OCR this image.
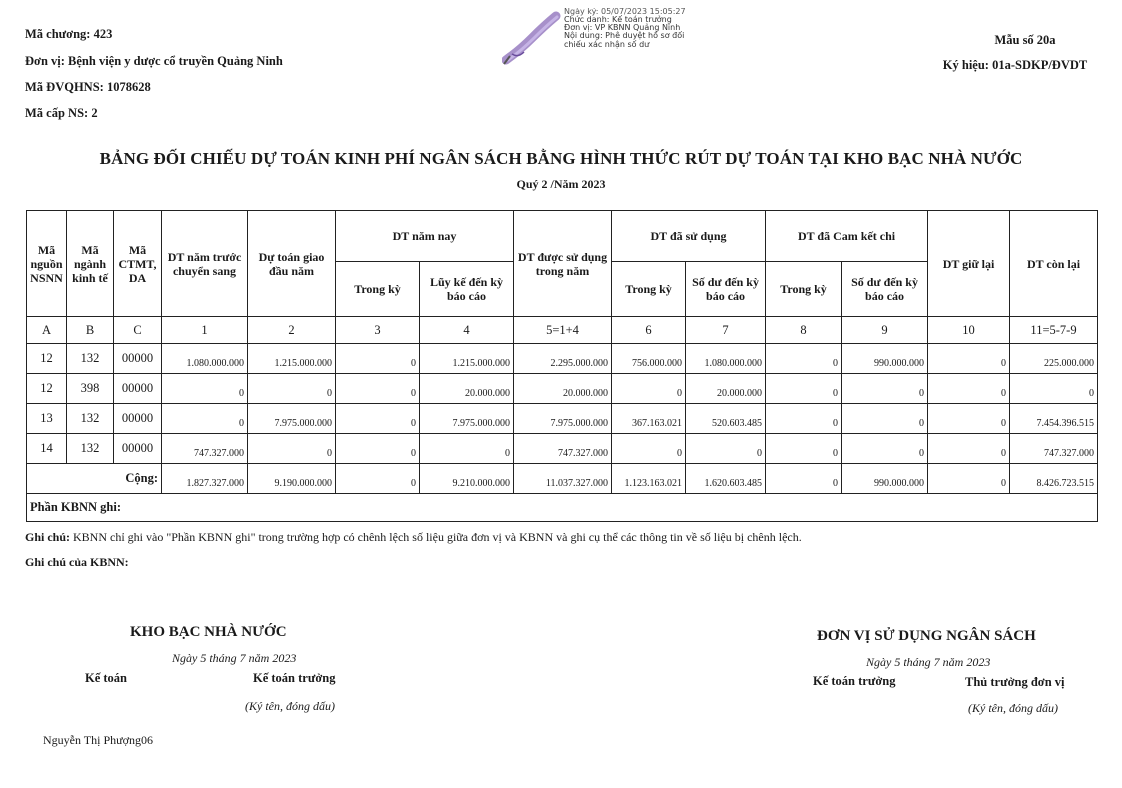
Mã chương: 423
Đơn vị: Bệnh viện y dược cổ truyền Quảng Ninh
Mã ĐVQHNS: 1078628
Mã cấp NS: 2
Ngày ký: 05/07/2023 15:05:27
Chức danh: Kế toán trưởng
Đơn vị: VP KBNN Quảng Ninh
Nội dung: Phê duyệt hồ sơ đối
chiếu xác nhận số dư	Mẫu số 20a
Ký hiệu: 01a-SDKP/ĐVDT
BẢNG ĐỐI CHIẾU DỰ TOÁN KINH PHÍ NGÂN SÁCH BẰNG HÌNH THỨC RÚT DỰ TOÁN TẠI KHO BẠC NHÀ NƯỚC
Quý 2 /Năm 2023
Mã nguồn NSNN	Mã ngành kinh tế	Mã CTMT, DA	DT năm trước chuyển sang	Dự toán giao đầu năm	DT năm nay		DT được sử dụng trong năm	DT đã sử dụng		DT đã Cam kết chi		DT giữ lại	DT còn lại
					Trong kỳ	Lũy kế đến kỳ báo cáo		Trong kỳ	Số dư đến kỳ báo cáo	Trong kỳ	Số dư đến kỳ báo cáo		
A	B	C	1	2	3	4	5=1+4	6	7	8	9	10	11=5-7-9
12	132	00000	1.080.000.000	1.215.000.000	0	1.215.000.000	2.295.000.000	756.000.000	1.080.000.000	0	990.000.000	0	225.000.000
12	398	00000	0	0	0	20.000.000	20.000.000	0	20.000.000	0	0	0	0
13	132	00000	0	7.975.000.000	0	7.975.000.000	7.975.000.000	367.163.021	520.603.485	0	0	0	7.454.396.515
14	132	00000	747.327.000	0	0	0	747.327.000	0	0	0	0	0	747.327.000
Cộng:			1.827.327.000	9.190.000.000	0	9.210.000.000	11.037.327.000	1.123.163.021	1.620.603.485	0	990.000.000	0	8.426.723.515
Phần KBNN ghi:													
Ghi chú: KBNN chỉ ghi vào "Phần KBNN ghi" trong trường hợp có chênh lệch số liệu giữa đơn vị và KBNN và ghi cụ thể các thông tin về số liệu bị chênh lệch.
Ghi chú của KBNN:
KHO BẠC NHÀ NƯỚC
Ngày 5 tháng 7 năm 2023
Kế toán	Kế toán trưởng
(Ký tên, đóng dấu)
Nguyễn Thị Phượng06
ĐƠN VỊ SỬ DỤNG NGÂN SÁCH
Ngày 5 tháng 7 năm 2023
Kế toán trưởng	Thủ trưởng đơn vị
(Ký tên, đóng dấu)
